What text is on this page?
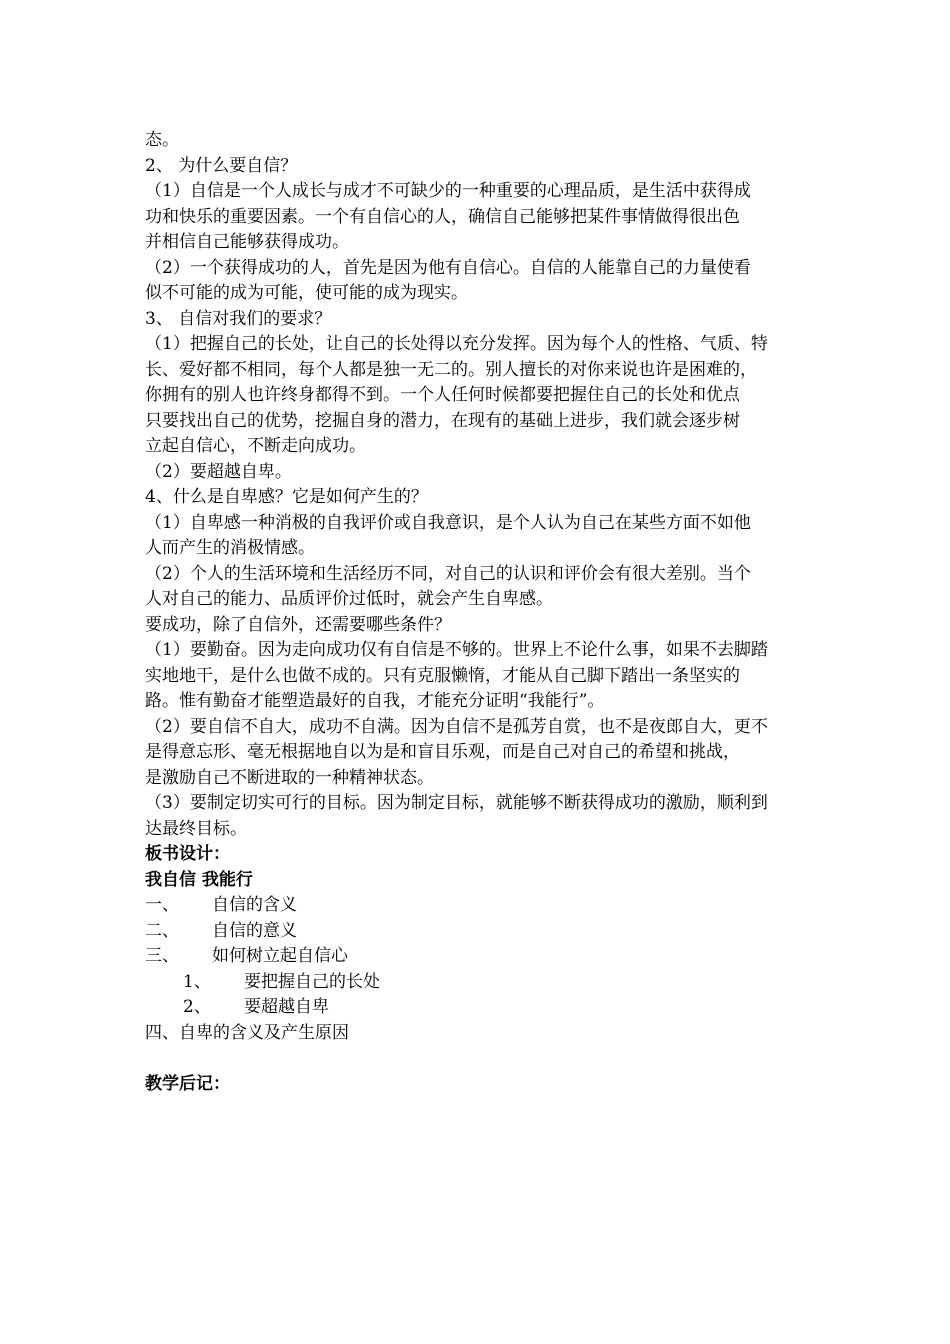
态。
2、 为什么要自信？
（1）自信是一个人成长与成才不可缺少的一种重要的心理品质，是生活中获得成
功和快乐的重要因素。一个有自信心的人，确信自己能够把某件事情做得很出色
并相信自己能够获得成功。
（2）一个获得成功的人，首先是因为他有自信心。自信的人能靠自己的力量使看
似不可能的成为可能，使可能的成为现实。
3、 自信对我们的要求？
（1）把握自己的长处，让自己的长处得以充分发挥。因为每个人的性格、气质、特
长、爱好都不相同，每个人都是独一无二的。别人擅长的对你来说也许是困难的，
你拥有的别人也许终身都得不到。一个人任何时候都要把握住自己的长处和优点
只要找出自己的优势，挖掘自身的潜力，在现有的基础上进步，我们就会逐步树
立起自信心，不断走向成功。
（2）要超越自卑。
4、什么是自卑感？它是如何产生的？
（1）自卑感一种消极的自我评价或自我意识，是个人认为自己在某些方面不如他
人而产生的消极情感。
（2）个人的生活环境和生活经历不同，对自己的认识和评价会有很大差别。当个
人对自己的能力、品质评价过低时，就会产生自卑感。
要成功，除了自信外，还需要哪些条件？
（1）要勤奋。因为走向成功仅有自信是不够的。世界上不论什么事，如果不去脚踏
实地地干，是什么也做不成的。只有克服懒惰，才能从自己脚下踏出一条坚实的
路。惟有勤奋才能塑造最好的自我，才能充分证明“我能行”。
（2）要自信不自大，成功不自满。因为自信不是孤芳自赏，也不是夜郎自大，更不
是得意忘形、毫无根据地自以为是和盲目乐观，而是自己对自己的希望和挑战，
是激励自己不断进取的一种精神状态。
（3）要制定切实可行的目标。因为制定目标，就能够不断获得成功的激励，顺利到
达最终目标。
板书设计：
我自信 我能行
一、 自信的含义
二、 自信的意义
三、 如何树立起自信心
1、 要把握自己的长处
2、 要超越自卑
四、自卑的含义及产生原因
教学后记：
